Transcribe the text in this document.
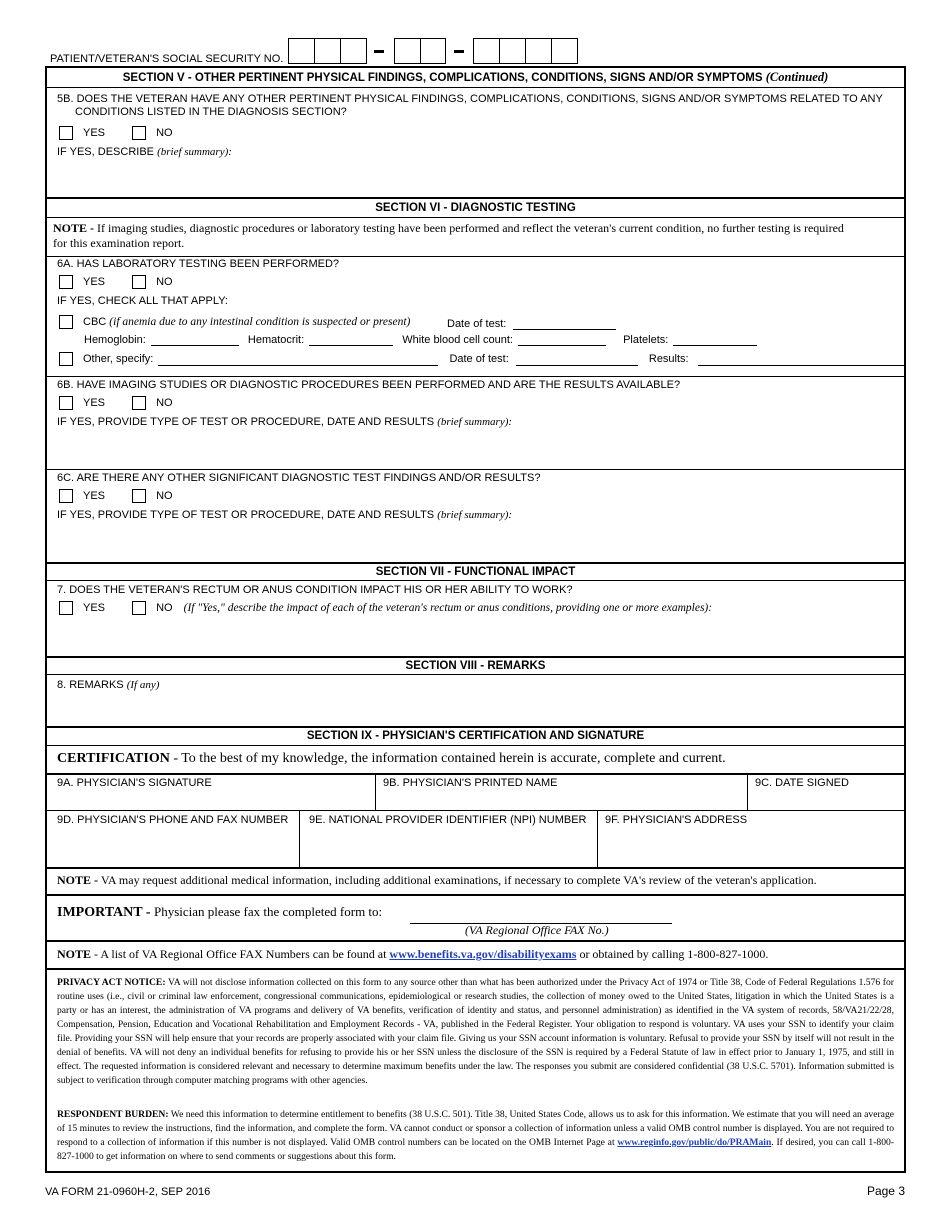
PATIENT/VETERAN'S SOCIAL SECURITY NO.
SECTION V - OTHER PERTINENT PHYSICAL FINDINGS, COMPLICATIONS, CONDITIONS, SIGNS AND/OR SYMPTOMS (Continued)
5B. DOES THE VETERAN HAVE ANY OTHER PERTINENT PHYSICAL FINDINGS, COMPLICATIONS, CONDITIONS, SIGNS AND/OR SYMPTOMS RELATED TO ANY
CONDITIONS LISTED IN THE DIAGNOSIS SECTION?
YES	NO
IF YES, DESCRIBE (brief summary):
SECTION VI - DIAGNOSTIC TESTING
NOTE - If imaging studies, diagnostic procedures or laboratory testing have been performed and reflect the veteran's current condition, no further testing is required
for this examination report.
6A. HAS LABORATORY TESTING BEEN PERFORMED?
YES	NO
IF YES, CHECK ALL THAT APPLY:
CBC (if anemia due to any intestinal condition is suspected or present)	Date of test:
Hemoglobin:	Hematocrit:	White blood cell count:	Platelets:
Other, specify:	Date of test:	Results:
6B. HAVE IMAGING STUDIES OR DIAGNOSTIC PROCEDURES BEEN PERFORMED AND ARE THE RESULTS AVAILABLE?
YES	NO
IF YES, PROVIDE TYPE OF TEST OR PROCEDURE, DATE AND RESULTS (brief summary):
6C. ARE THERE ANY OTHER SIGNIFICANT DIAGNOSTIC TEST FINDINGS AND/OR RESULTS?
YES	NO
IF YES, PROVIDE TYPE OF TEST OR PROCEDURE, DATE AND RESULTS (brief summary):
SECTION VII - FUNCTIONAL IMPACT
7. DOES THE VETERAN'S RECTUM OR ANUS CONDITION IMPACT HIS OR HER ABILITY TO WORK?
YES	NO (If "Yes," describe the impact of each of the veteran's rectum or anus conditions, providing one or more examples):
SECTION VIII - REMARKS
8. REMARKS (If any)
SECTION IX - PHYSICIAN'S CERTIFICATION AND SIGNATURE
CERTIFICATION - To the best of my knowledge, the information contained herein is accurate, complete and current.
9A. PHYSICIAN'S SIGNATURE	9B. PHYSICIAN'S PRINTED NAME	9C. DATE SIGNED
9D. PHYSICIAN'S PHONE AND FAX NUMBER 9E. NATIONAL PROVIDER IDENTIFIER (NPI) NUMBER 9F. PHYSICIAN'S ADDRESS
NOTE - VA may request additional medical information, including additional examinations, if necessary to complete VA's review of the veteran's application.
IMPORTANT - Physician please fax the completed form to:
(VA Regional Office FAX No.)
NOTE - A list of VA Regional Office FAX Numbers can be found at www.benefits.va.gov/disabilityexams or obtained by calling 1-800-827-1000.
PRIVACY ACT NOTICE: VA will not disclose information collected on this form to any source other than what has been authorized under the Privacy Act of 1974 or Title 38, Code of Federal Regulations 1.576 for routine uses (i.e., civil or criminal law enforcement, congressional communications, epidemiological or research studies, the collection of money owed to the United States, litigation in which the United States is a party or has an interest, the administration of VA programs and delivery of VA benefits, verification of identity and status, and personnel administration) as identified in the VA system of records, 58/VA21/22/28, Compensation, Pension, Education and Vocational Rehabilitation and Employment Records - VA, published in the Federal Register. Your obligation to respond is voluntary. VA uses your SSN to identify your claim file. Providing your SSN will help ensure that your records are properly associated with your claim file. Giving us your SSN account information is voluntary. Refusal to provide your SSN by itself will not result in the denial of benefits. VA will not deny an individual benefits for refusing to provide his or her SSN unless the disclosure of the SSN is required by a Federal Statute of law in effect prior to January 1, 1975, and still in effect. The requested information is considered relevant and necessary to determine maximum benefits under the law. The responses you submit are considered confidential (38 U.S.C. 5701). Information submitted is subject to verification through computer matching programs with other agencies.
RESPONDENT BURDEN: We need this information to determine entitlement to benefits (38 U.S.C. 501). Title 38, United States Code, allows us to ask for this information. We estimate that you will need an average of 15 minutes to review the instructions, find the information, and complete the form. VA cannot conduct or sponsor a collection of information unless a valid OMB control number is displayed. You are not required to respond to a collection of information if this number is not displayed. Valid OMB control numbers can be located on the OMB Internet Page at www.reginfo.gov/public/do/PRAMain. If desired, you can call 1-800-827-1000 to get information on where to send comments or suggestions about this form.
VA FORM 21-0960H-2, SEP 2016	Page 3
